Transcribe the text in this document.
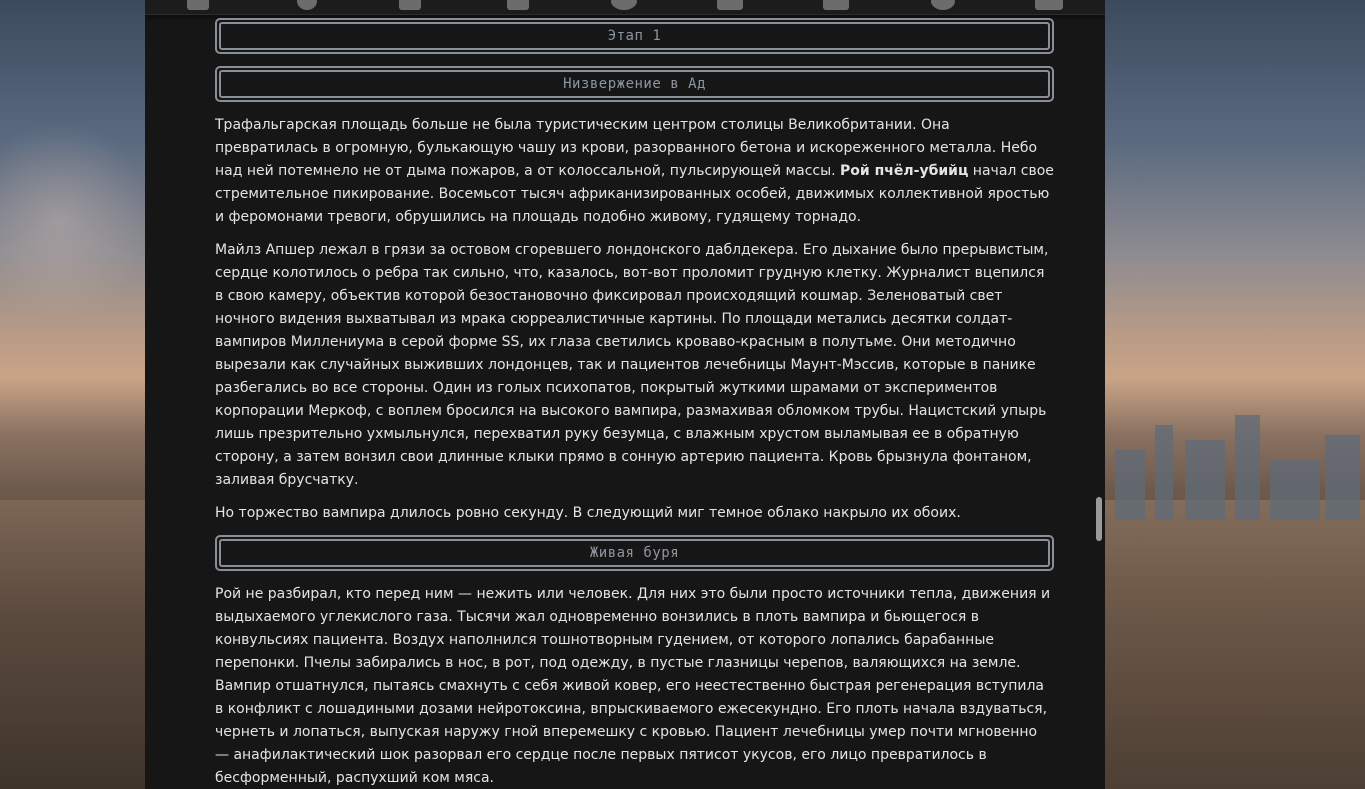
Этап 1
Низвержение в Ад

Трафальгарская площадь больше не была туристическим центром столицы Великобритании. Она превратилась в огромную, булькающую чашу из крови, разорванного бетона и искореженного металла. Небо над ней потемнело не от дыма пожаров, а от колоссальной, пульсирующей массы. Рой пчёл-убийц начал свое стремительное пикирование. Восемьсот тысяч африканизированных особей, движимых коллективной яростью и феромонами тревоги, обрушились на площадь подобно живому, гудящему торнадо.

Майлз Апшер лежал в грязи за остовом сгоревшего лондонского даблдекера. Его дыхание было прерывистым, сердце колотилось о ребра так сильно, что, казалось, вот-вот проломит грудную клетку. Журналист вцепился в свою камеру, объектив которой безостановочно фиксировал происходящий кошмар. Зеленоватый свет ночного видения выхватывал из мрака сюрреалистичные картины. По площади метались десятки солдат-вампиров Миллениума в серой форме SS, их глаза светились кроваво-красным в полутьме. Они методично вырезали как случайных выживших лондонцев, так и пациентов лечебницы Маунт-Мэссив, которые в панике разбегались во все стороны. Один из голых психопатов, покрытый жуткими шрамами от экспериментов корпорации Меркоф, с воплем бросился на высокого вампира, размахивая обломком трубы. Нацистский упырь лишь презрительно ухмыльнулся, перехватил руку безумца, с влажным хрустом выламывая ее в обратную сторону, а затем вонзил свои длинные клыки прямо в сонную артерию пациента. Кровь брызнула фонтаном, заливая брусчатку.

Но торжество вампира длилось ровно секунду. В следующий миг темное облако накрыло их обоих.

Живая буря

Рой не разбирал, кто перед ним — нежить или человек. Для них это были просто источники тепла, движения и выдыхаемого углекислого газа. Тысячи жал одновременно вонзились в плоть вампира и бьющегося в конвульсиях пациента. Воздух наполнился тошнотворным гудением, от которого лопались барабанные перепонки. Пчелы забирались в нос, в рот, под одежду, в пустые глазницы черепов, валяющихся на земле. Вампир отшатнулся, пытаясь смахнуть с себя живой ковер, его неестественно быстрая регенерация вступила в конфликт с лошадиными дозами нейротоксина, впрыскиваемого ежесекундно. Его плоть начала вздуваться, чернеть и лопаться, выпуская наружу гной вперемешку с кровью. Пациент лечебницы умер почти мгновенно — анафилактический шок разорвал его сердце после первых пятисот укусов, его лицо превратилось в бесформенный, распухший ком мяса.
